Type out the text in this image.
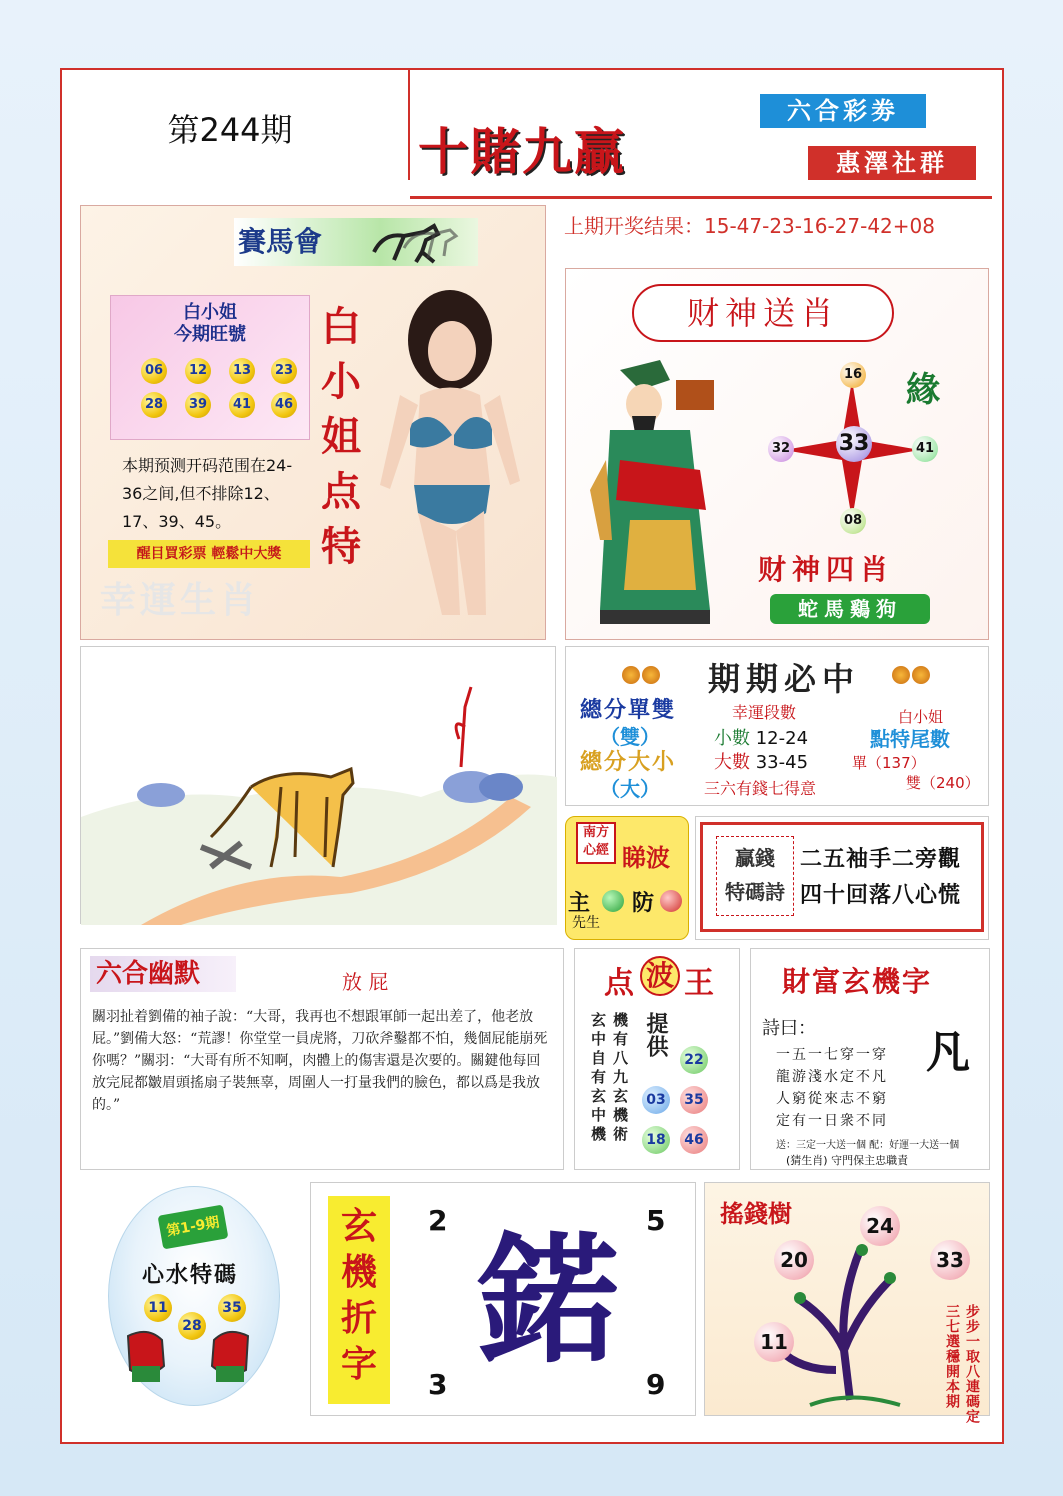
第244期	十賭九贏
六合彩劵
惠澤社群
上期开奖结果：15-47-23-16-27-42+08
賽馬會
白小姐
今期旺號
06	12	13	23
28	39	41	46
本期预测开码范围在24-36之间,但不排除12、17、39、45。
醒目買彩票 輕鬆中大獎
白小姐点特
幸運生肖
财神送肖
33
16
32	41
08
緣
财神四肖
蛇馬鷄狗
期期必中
總分單雙
（雙）
總分大小
（大）
幸運段數
小數 12-24
大數 33-45
三六有錢七得意
白小姐
點特尾數
單（137）
雙（240）
南方心經 睇波
主 防
先生
贏錢
特碼詩
二五袖手二旁觀
四十回落八心慌
六合幽默	放 屁
關羽扯着劉備的袖子說：“大哥，我再也不想跟軍師一起出差了，他老放屁。”劉備大怒：“荒謬！你堂堂一員虎將，刀砍斧鑿都不怕，幾個屁能崩死你嗎？”關羽：“大哥有所不知啊，肉體上的傷害還是次要的。關鍵他每回放完屁都皺眉頭搖扇子裝無辜，周圍人一打量我們的臉色，都以爲是我放的。”
点 波 王
玄中自有玄中機 機有八九玄機術 提供
22
03	35
18	46
財富玄機字
詩曰：	凡
一五一七穿一穿
龍游淺水定不凡
人窮從來志不窮
定有一日衆不同
送：三定一大送一個 配：好運一大送一個
(猜生肖) 守門保主忠職責
第1-9期
心水特碼
11
28
35
玄機折字 鍩
2	5
3	9
搖錢樹	24
20	33
11	步步一取八連碼定
三七選穩開本期
